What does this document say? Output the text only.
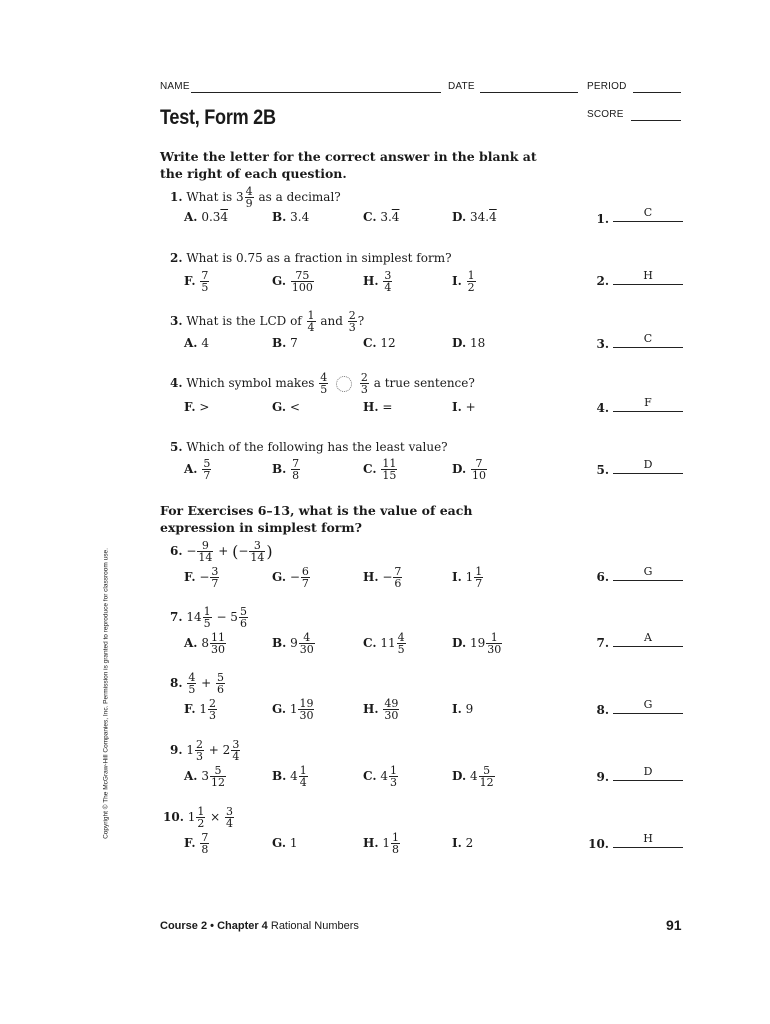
NAME	DATE	PERIOD
Test, Form 2B	SCORE
Write the letter for the correct answer in the blank at the right of each question.
1. What is $3 \frac{4}{9}$ as a decimal?
A. 0.34	B. 3.4	C. 3.4	D. 34.4	1.	C
2. What is 0.75 as a fraction in simplest form?
F. $\frac{7}{5}$	G. $\frac{75}{100}$	H. $\frac{3}{4}$	I. $\frac{1}{2}$	2.	H
3. What is the LCD of $\frac{1}{4}$ and $\frac{2}{3}$ ?
A. 4	B. 7	C. 12	D. 18	3.	C
4. Which symbol makes $\frac{4}{5}$
	$\frac{2}{3}$ a true sentence?
F. >	G. <	H. =	I. +	4.	F
5. Which of the following has the least value?
A. $\frac{5}{7}$	B. $\frac{7}{8}$	C. $\frac{11}{15}$	D. $\frac{7}{10}$	5.	D
For Exercises 6–13, what is the value of each expression in simplest form?
6. − $\frac{9}{14}$ + (− $\frac{3}{14}$ )
F. − $\frac{3}{7}$	G. − $\frac{6}{7}$	H. − $\frac{7}{6}$	I. $1 \frac{1}{7}$	6.	G
7. $14 \frac{1}{5} - 5 \frac{5}{6}$
A. $8 \frac{11}{30}$	B. $9 \frac{4}{30}$	C. $11 \frac{4}{5}$	D. $19 \frac{1}{30}$	7.	A
8. $\frac{4}{5} + \frac{5}{6}$
F. $1 \frac{2}{3}$	G. $1 \frac{19}{30}$	H. $\frac{49}{30}$	I. 9	8.	G
9. $1 \frac{2}{3} + 2 \frac{3}{4}$
A. $3 \frac{5}{12}$	B. $4 \frac{1}{4}$	C. $4 \frac{1}{3}$	D. $4 \frac{5}{12}$	9.	D
10. $1 \frac{1}{2} \times \frac{3}{4}$
F. $\frac{7}{8}$	G. 1	H. $1 \frac{1}{8}$	I. 2	10.	H
Copyright © The McGraw-Hill Companies, Inc. Permission is granted to reproduce for classroom use.
Course 2 • Chapter 4 Rational Numbers	91
